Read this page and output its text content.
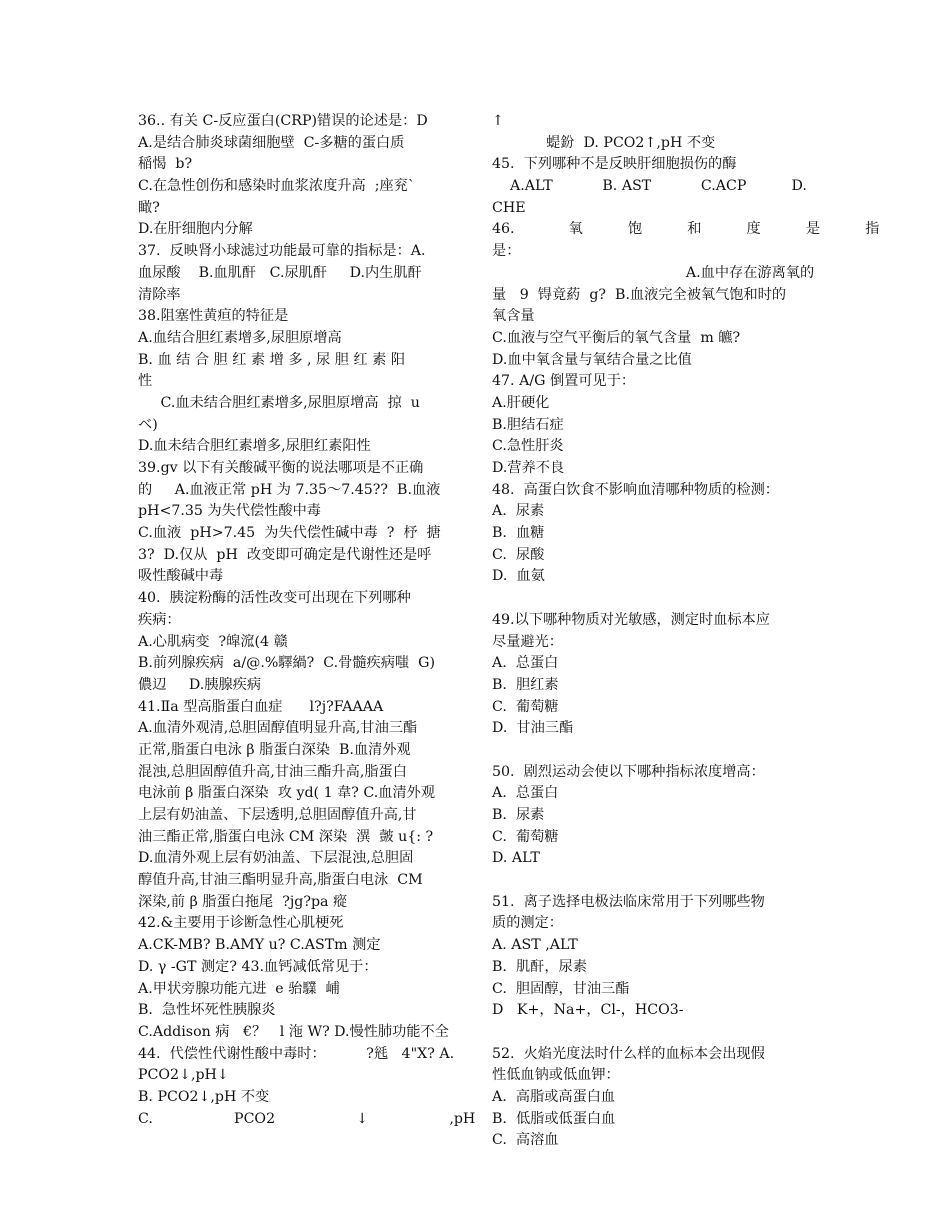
36.. 有关 C-反应蛋白(CRP)错误的论述是：D
A.是结合肺炎球菌细胞壁  C-多糖的蛋白质
稲愒  b?
C.在急性创伤和感染时血浆浓度升高  ;座兖`
瞰?
D.在肝细胞内分解
37.  反映肾小球滤过功能最可靠的指标是：A.
血尿酸    B.血肌酐   C.尿肌酐     D.内生肌酐
清除率
38.阻塞性黄疸的特征是
A.血结合胆红素增多,尿胆原增高
B. 血 结 合 胆 红 素 增 多 , 尿 胆 红 素 阳
性
C.血未结合胆红素增多,尿胆原增高  掠  u
ベ)
D.血未结合胆红素增多,尿胆红素阳性
39.gv 以下有关酸碱平衡的说法哪项是不正确
的     A.血液正常 pH 为 7.35～7.45??  B.血液
pH<7.35 为失代偿性酸中毒
C.血液  pH>7.45  为失代偿性碱中毒  ?  杼  搪
3?  D.仅从  pH  改变即可确定是代谢性还是呼
吸性酸碱中毒
40.  胰淀粉酶的活性改变可出现在下列哪种
疾病：
A.心肌病变  ?皡溛(4 赣
B.前列腺疾病  a/@.%驛緺?  C.骨髓疾病嗤  G)
儂辺     D.胰腺疾病
41.Ⅱa 型高脂蛋白血症      l?j?FAAAA
A.血清外观清,总胆固醇值明显升高,甘油三酯
正常,脂蛋白电泳 β 脂蛋白深染  B.血清外观
混浊,总胆固醇值升高,甘油三酯升高,脂蛋白
电泳前 β 脂蛋白深染  攻 yd( 1 韋? C.血清外观
上层有奶油盖、下层透明,总胆固醇值升高,甘
油三酯正常,脂蛋白电泳 CM 深染  潩  皼 u{: ?
D.血清外观上层有奶油盖、下层混浊,总胆固
醇值升高,甘油三酯明显升高,脂蛋白电泳  CM
深染,前 β 脂蛋白拖尾  ?jg?pa 瘲
42.&主要用于诊断急性心肌梗死
A.CK-MB? B.AMY u? C.ASTm 测定
D. γ -GT 测定? 43.血钙减低常见于：
A.甲状旁腺功能亢进  e 骀驜  峬
B.  急性坏死性胰腺炎
C.Addison 病   €？   l 沲 W? D.慢性肺功能不全
44.  代偿性代谢性酸中毒时：         ?毤   4"X? A.
PCO2↓,pH↓
B. PCO2↓,pH 不变
C.                  PCO2                  ↓                  ,pH
↑
蝭鈖  D. PCO2↑,pH 不变
45.  下列哪种不是反映肝细胞损伤的酶
A.ALT           B. AST           C.ACP          D.
CHE
46.            氧          饱          和          度          是          指
是：
A.血中存在游离氧的
量   9  锝竟葯  g?  B.血液完全被氧气饱和时的
氧含量
C.血液与空气平衡后的氧气含量  m 皫?
D.血中氧含量与氧结合量之比值
47. A/G 倒置可见于：
A.肝硬化
B.胆结石症
C.急性肝炎
D.营养不良
48.  高蛋白饮食不影响血清哪种物质的检测：
A.  尿素
B.  血糖
C.  尿酸
D.  血氨
49.以下哪种物质对光敏感，测定时血标本应
尽量避光：
A.  总蛋白
B.  胆红素
C.  葡萄糖
D.  甘油三酯
50.  剧烈运动会使以下哪种指标浓度增高：
A.  总蛋白
B.  尿素
C.  葡萄糖
D. ALT
51.  离子选择电极法临床常用于下列哪些物
质的测定：
A. AST ,ALT
B.  肌酐，尿素
C.  胆固醇，甘油三酯
D   K+，Na+，Cl-，HCO3-
52.  火焰光度法时什么样的血标本会出现假
性低血钠或低血钾：
A.  高脂或高蛋白血
B.  低脂或低蛋白血
C.  高溶血
